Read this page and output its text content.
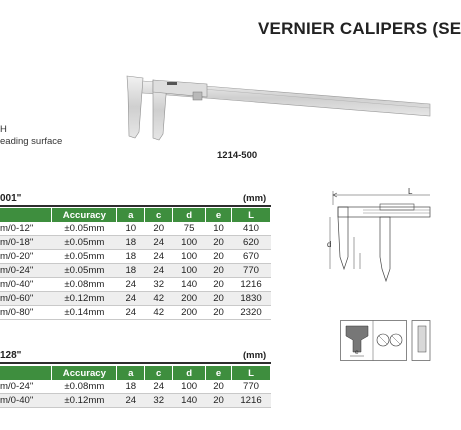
VERNIER CALIPERS (SE
H
eading surface
1214-500
001"	(mm)
	Accuracy	a	c	d	e	L
m/0-12"	±0.05mm	10	20	75	10	410
m/0-18"	±0.05mm	18	24	100	20	620
m/0-20"	±0.05mm	18	24	100	20	670
m/0-24"	±0.05mm	18	24	100	20	770
m/0-40"	±0.08mm	24	32	140	20	1216
m/0-60"	±0.12mm	24	42	200	20	1830
m/0-80"	±0.14mm	24	42	200	20	2320
128"	(mm)
	Accuracy	a	c	d	e	L
m/0-24"	±0.08mm	18	24	100	20	770
m/0-40"	±0.12mm	24	32	140	20	1216
L
d
e
